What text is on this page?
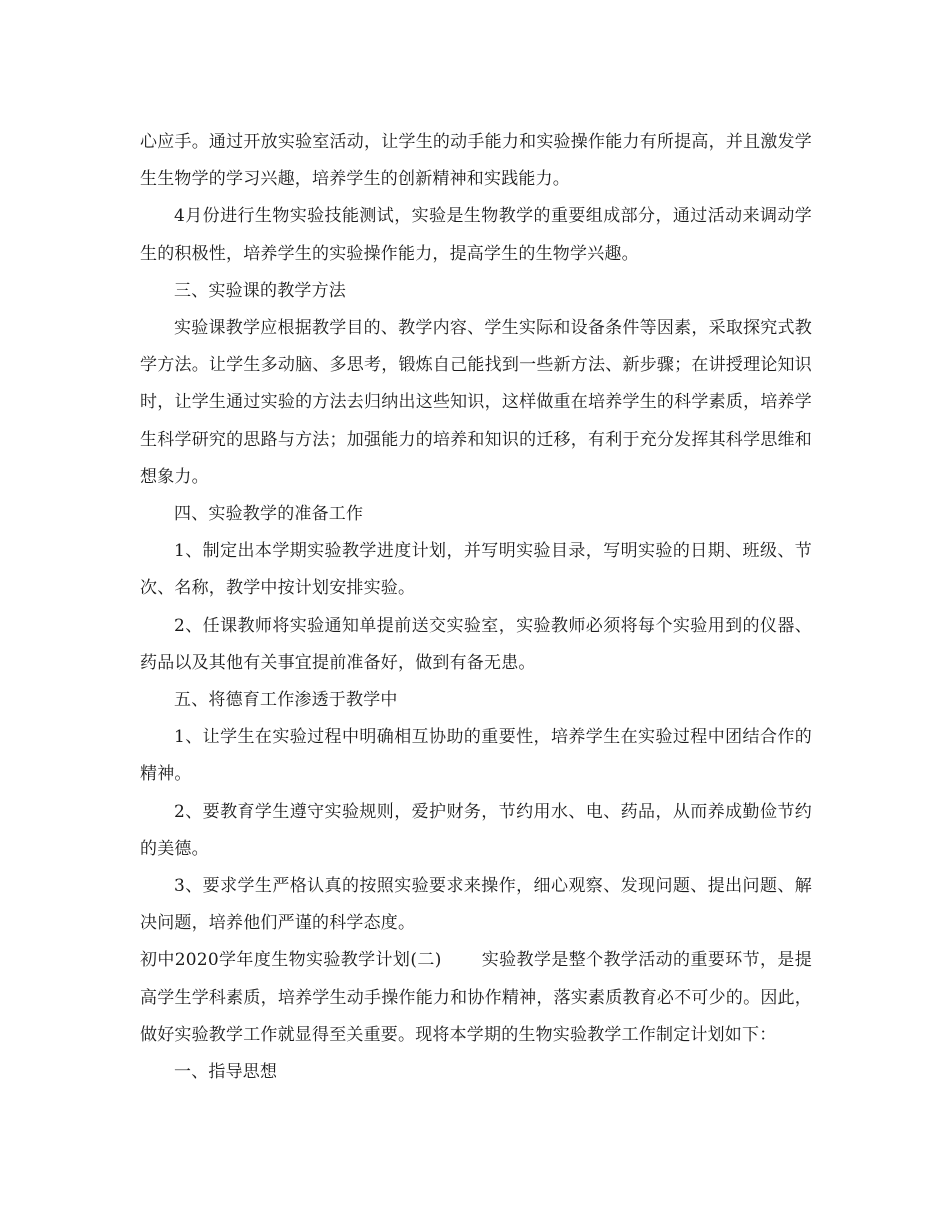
心应手。通过开放实验室活动，让学生的动手能力和实验操作能力有所提高，并且激发学生生物学的学习兴趣，培养学生的创新精神和实践能力。

4月份进行生物实验技能测试，实验是生物教学的重要组成部分，通过活动来调动学生的积极性，培养学生的实验操作能力，提高学生的生物学兴趣。

三、实验课的教学方法

实验课教学应根据教学目的、教学内容、学生实际和设备条件等因素，采取探究式教学方法。让学生多动脑、多思考，锻炼自己能找到一些新方法、新步骤；在讲授理论知识时，让学生通过实验的方法去归纳出这些知识，这样做重在培养学生的科学素质，培养学生科学研究的思路与方法；加强能力的培养和知识的迁移，有利于充分发挥其科学思维和想象力。

四、实验教学的准备工作

1、制定出本学期实验教学进度计划，并写明实验目录，写明实验的日期、班级、节次、名称，教学中按计划安排实验。

2、任课教师将实验通知单提前送交实验室，实验教师必须将每个实验用到的仪器、药品以及其他有关事宜提前准备好，做到有备无患。

五、将德育工作渗透于教学中

1、让学生在实验过程中明确相互协助的重要性，培养学生在实验过程中团结合作的精神。

2、要教育学生遵守实验规则，爱护财务，节约用水、电、药品，从而养成勤俭节约的美德。

3、要求学生严格认真的按照实验要求来操作，细心观察、发现问题、提出问题、解决问题，培养他们严谨的科学态度。

初中2020学年度生物实验教学计划(二) 实验教学是整个教学活动的重要环节，是提高学生学科素质，培养学生动手操作能力和协作精神，落实素质教育必不可少的。因此，做好实验教学工作就显得至关重要。现将本学期的生物实验教学工作制定计划如下：

一、指导思想
